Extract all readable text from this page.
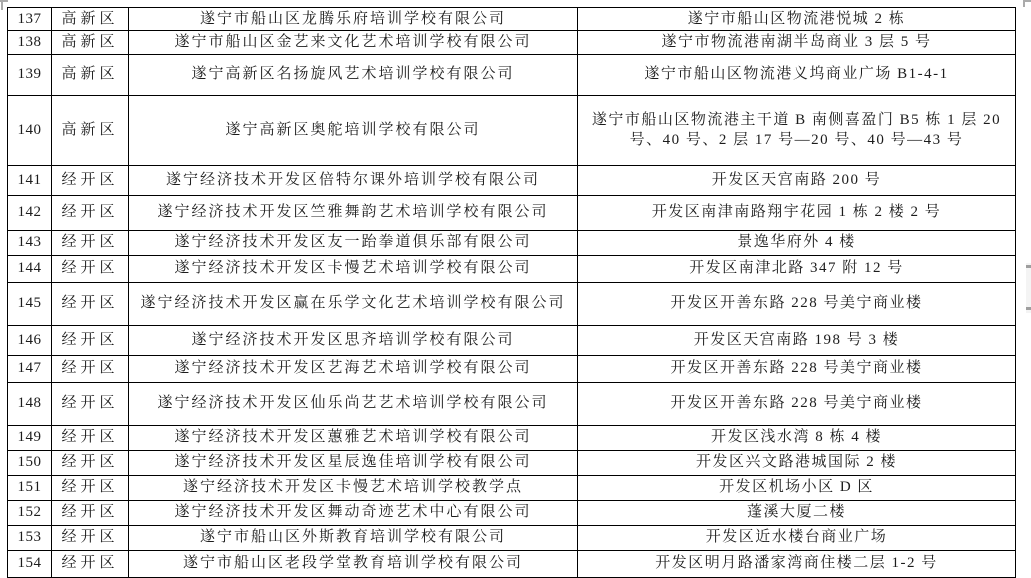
137	高新区	遂宁市船山区龙腾乐府培训学校有限公司	遂宁市船山区物流港悦城 2 栋
138	高新区	遂宁市船山区金艺来文化艺术培训学校有限公司	遂宁市物流港南湖半岛商业 3 层 5 号
139	高新区	遂宁高新区名扬旋风艺术培训学校有限公司	遂宁市船山区物流港义坞商业广场 B1-4-1
140	高新区	遂宁高新区奥舵培训学校有限公司	遂宁市船山区物流港主干道 B 南侧喜盈门 B5 栋 1 层 20 号、40 号、2 层 17 号—20 号、40 号—43 号
141	经开区	遂宁经济技术开发区倍特尔课外培训学校有限公司	开发区天宫南路 200 号
142	经开区	遂宁经济技术开发区竺雅舞韵艺术培训学校有限公司	开发区南津南路翔宇花园 1 栋 2 楼 2 号
143	经开区	遂宁经济技术开发区友一跆拳道俱乐部有限公司	景逸华府外 4 楼
144	经开区	遂宁经济技术开发区卡慢艺术培训学校有限公司	开发区南津北路 347 附 12 号
145	经开区	遂宁经济技术开发区赢在乐学文化艺术培训学校有限公司	开发区开善东路 228 号美宁商业楼
146	经开区	遂宁经济技术开发区思齐培训学校有限公司	开发区天宫南路 198 号 3 楼
147	经开区	遂宁经济技术开发区艺海艺术培训学校有限公司	开发区开善东路 228 号美宁商业楼
148	经开区	遂宁经济技术开发区仙乐尚艺艺术培训学校有限公司	开发区开善东路 228 号美宁商业楼
149	经开区	遂宁经济技术开发区蕙雅艺术培训学校有限公司	开发区浅水湾 8 栋 4 楼
150	经开区	遂宁经济技术开发区星辰逸佳培训学校有限公司	开发区兴文路港城国际 2 楼
151	经开区	遂宁经济技术开发区卡慢艺术培训学校教学点	开发区机场小区 D 区
152	经开区	遂宁经济技术开发区舞动奇迹艺术中心有限公司	蓬溪大厦二楼
153	经开区	遂宁市船山区外斯教育培训学校有限公司	开发区近水楼台商业广场
154	经开区	遂宁市船山区老段学堂教育培训学校有限公司	开发区明月路潘家湾商住楼二层 1-2 号
